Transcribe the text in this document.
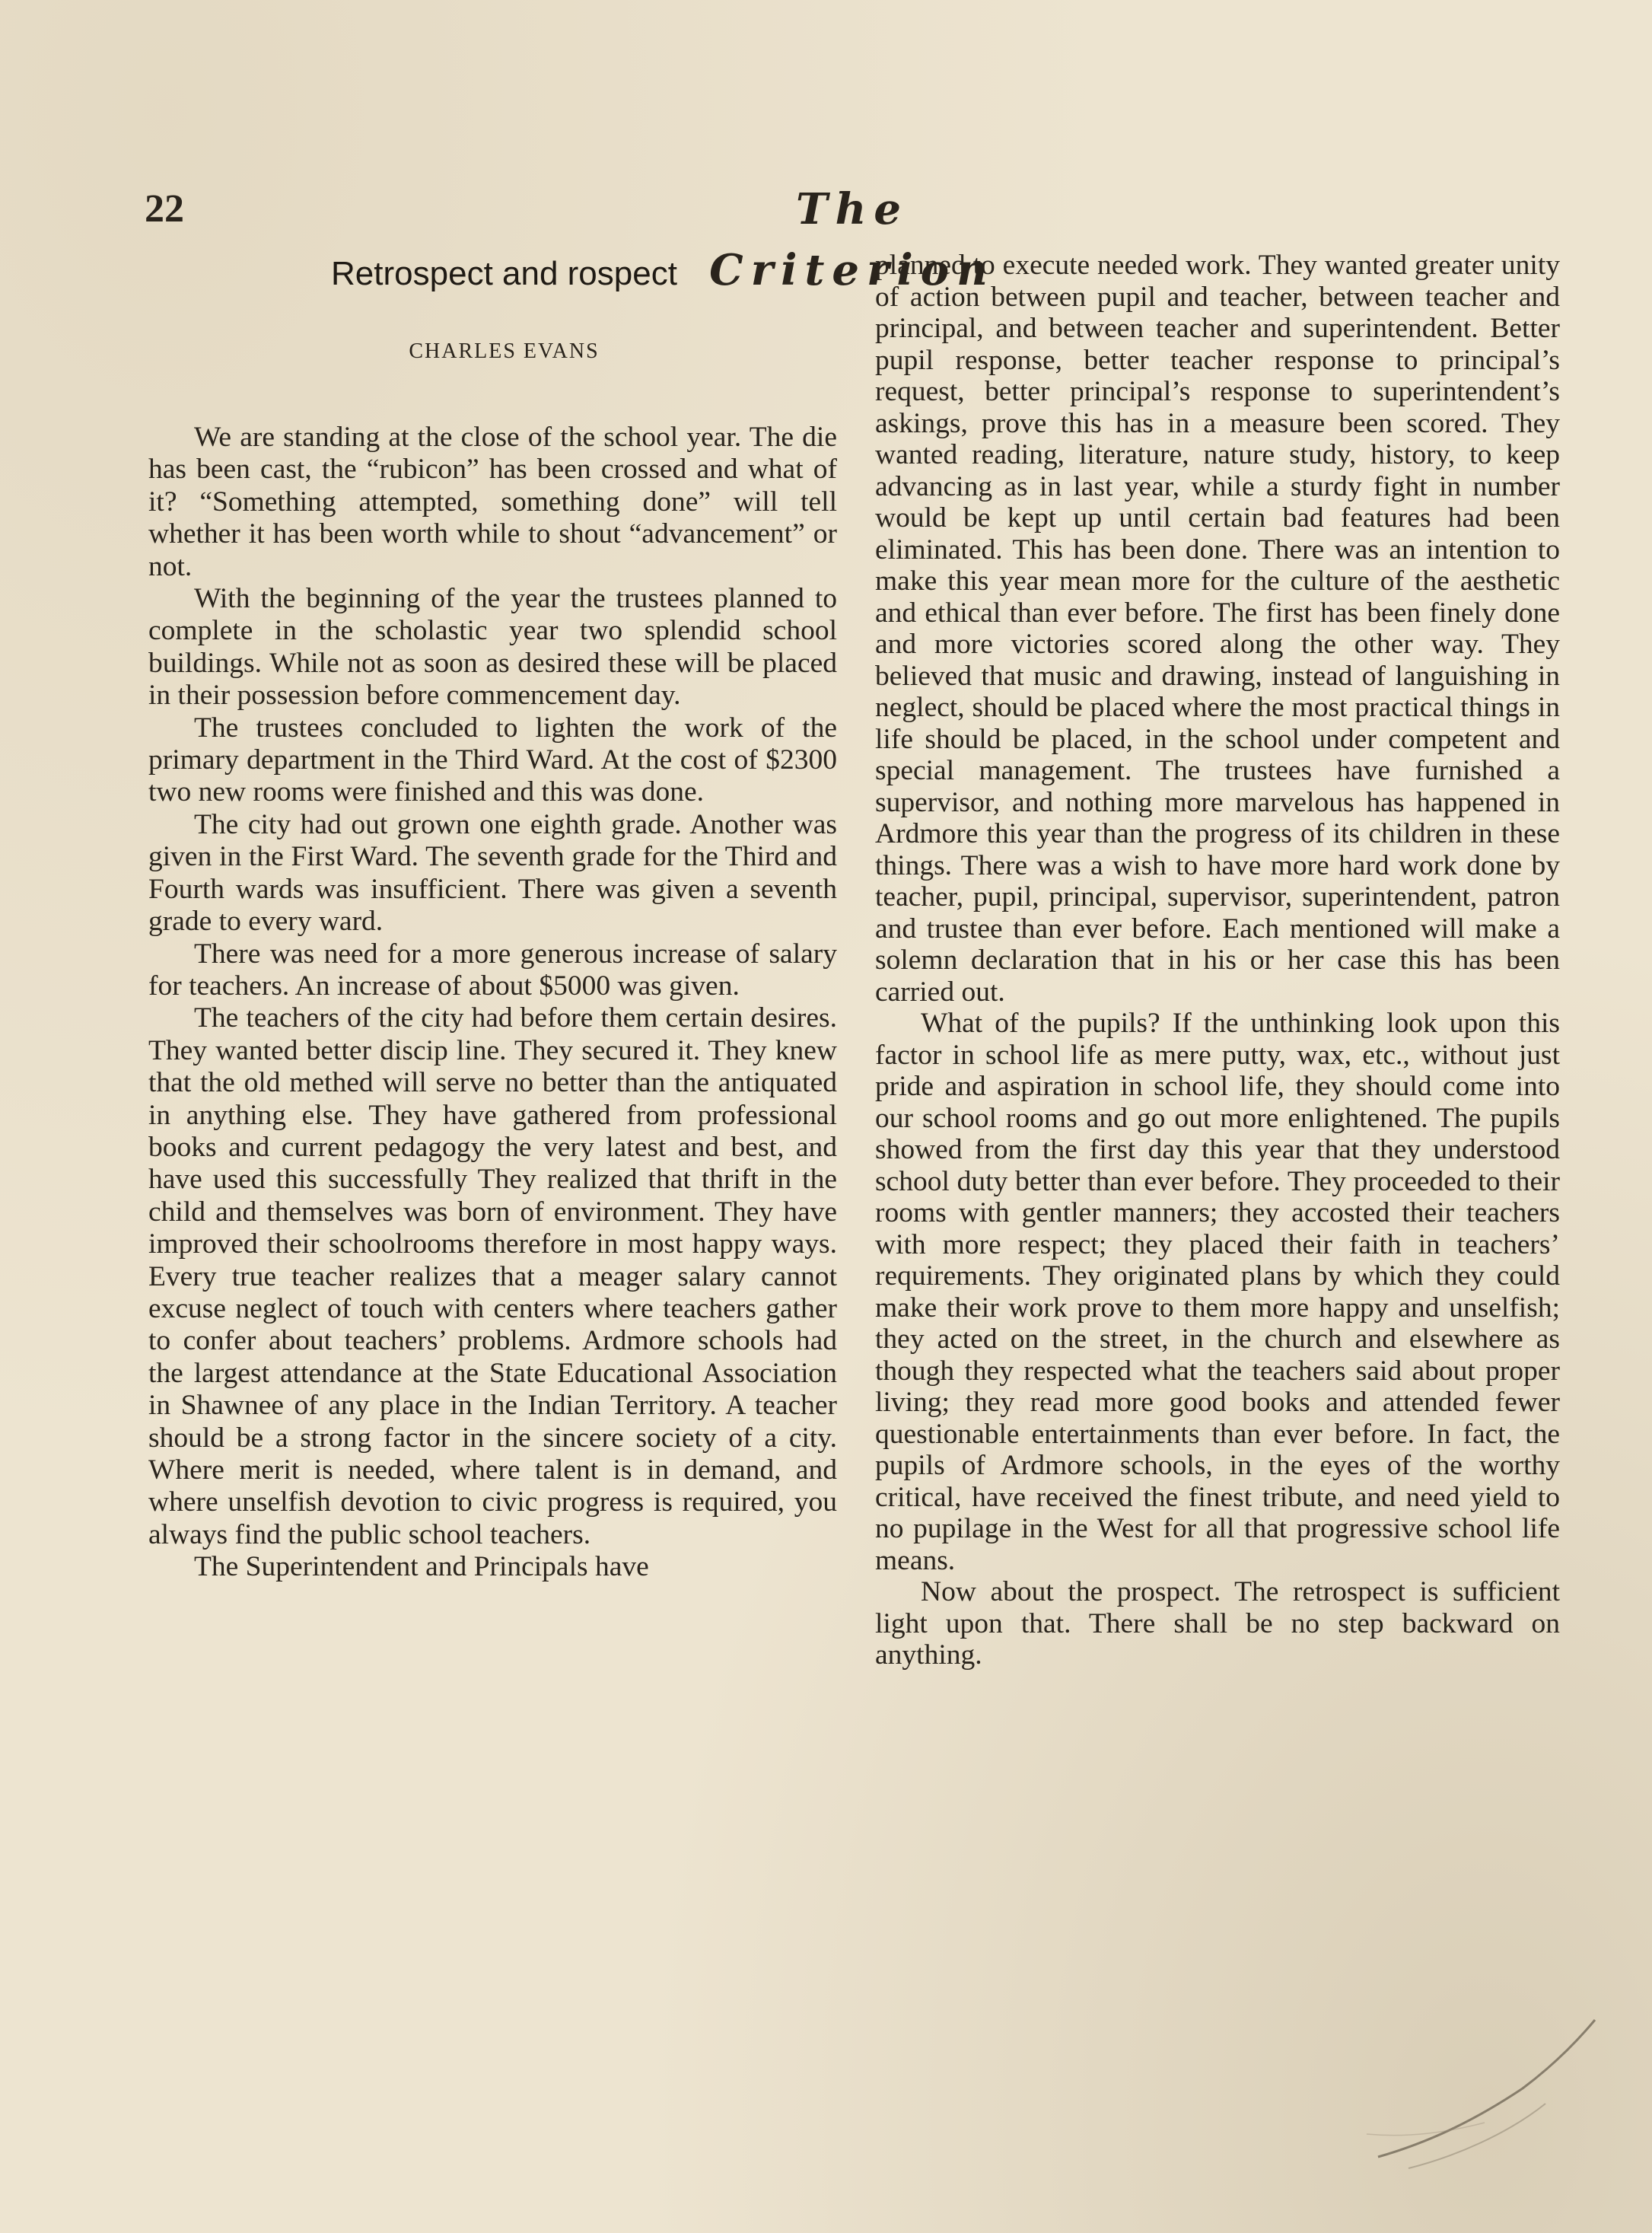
22	The Criterion
Retrospect and rospect
CHARLES EVANS

We are standing at the close of the school year. The die has been cast, the “rubicon” has been crossed and what of it? “Something attempted, something done” will tell whether it has been worth while to shout “advancement” or not.

With the beginning of the year the trustees planned to complete in the scholastic year two splendid school buildings. While not as soon as desired these will be placed in their possession before commencement day.

The trustees concluded to lighten the work of the primary department in the Third Ward. At the cost of $2300 two new rooms were finished and this was done.

The city had out grown one eighth grade. Another was given in the First Ward. The seventh grade for the Third and Fourth wards was insufficient. There was given a seventh grade to every ward.

There was need for a more generous increase of salary for teachers. An increase of about $5000 was given.

The teachers of the city had before them certain desires. They wanted better discip line. They secured it. They knew that the old methed will serve no better than the antiquated in anything else. They have gathered from professional books and current pedagogy the very latest and best, and have used this successfully They realized that thrift in the child and themselves was born of environment. They have improved their schoolrooms therefore in most happy ways. Every true teacher realizes that a meager salary cannot excuse neglect of touch with centers where teachers gather to confer about teachers’ problems. Ardmore schools had the largest attendance at the State Educational Association in Shawnee of any place in the Indian Territory. A teacher should be a strong factor in the sincere society of a city. Where merit is needed, where talent is in demand, and where unselfish devotion to civic progress is required, you always find the public school teachers.

The Superintendent and Principals have

planned to execute needed work. They wanted greater unity of action between pupil and teacher, between teacher and principal, and between teacher and superintendent. Better pupil response, better teacher response to principal’s request, better principal’s response to superintendent’s askings, prove this has in a measure been scored. They wanted reading, literature, nature study, history, to keep advancing as in last year, while a sturdy fight in number would be kept up until certain bad features had been eliminated. This has been done. There was an intention to make this year mean more for the culture of the aesthetic and ethical than ever before. The first has been finely done and more victories scored along the other way. They believed that music and drawing, instead of languishing in neglect, should be placed where the most practical things in life should be placed, in the school under competent and special management. The trustees have furnished a supervisor, and nothing more marvelous has happened in Ardmore this year than the progress of its children in these things. There was a wish to have more hard work done by teacher, pupil, principal, supervisor, superintendent, patron and trustee than ever before. Each mentioned will make a solemn declaration that in his or her case this has been carried out.

What of the pupils? If the unthinking look upon this factor in school life as mere putty, wax, etc., without just pride and aspiration in school life, they should come into our school rooms and go out more enlightened. The pupils showed from the first day this year that they understood school duty better than ever before. They proceeded to their rooms with gentler manners; they accosted their teachers with more respect; they placed their faith in teachers’ requirements. They originated plans by which they could make their work prove to them more happy and unselfish; they acted on the street, in the church and elsewhere as though they respected what the teachers said about proper living; they read more good books and attended fewer questionable entertainments than ever before. In fact, the pupils of Ardmore schools, in the eyes of the worthy critical, have received the finest tribute, and need yield to no pupilage in the West for all that progressive school life means.

Now about the prospect. The retrospect is sufficient light upon that. There shall be no step backward on anything.
